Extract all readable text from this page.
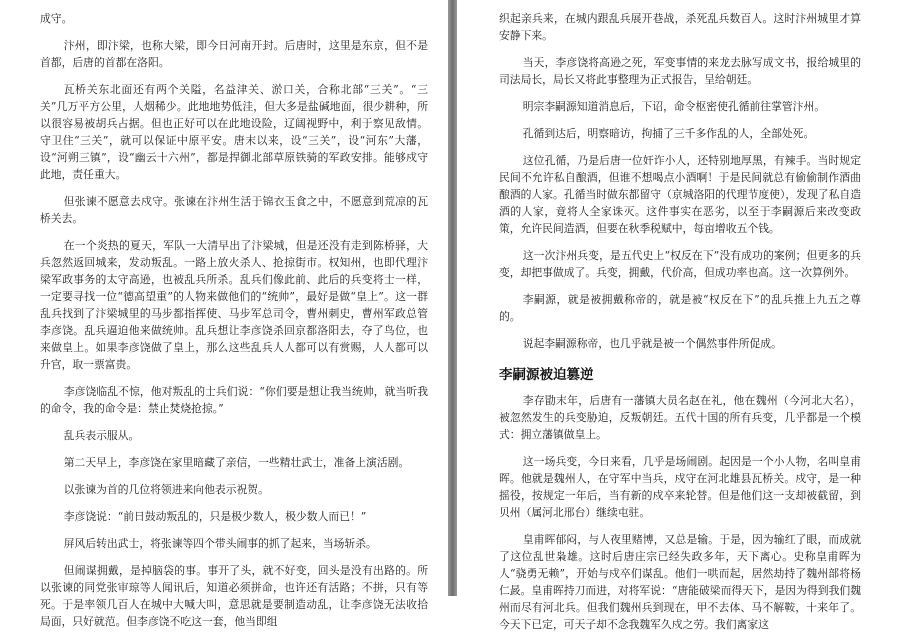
成守。

汴州，即汴梁，也称大梁，即今日河南开封。后唐时，这里是东京，但不是首都，后唐的首都在洛阳。

瓦桥关东北面还有两个关隘，名益津关、淤口关，合称北部“三关”。“三关”几万平方公里，人烟稀少。此地地势低洼，但大多是盐碱地面，很少耕种，所以很容易被胡兵占据。但也正好可以在此地设险，辽阔视野中，利于察见敌情。守卫住“三关”，就可以保证中原平安。唐末以来，设“三关”，设“河东”大藩，设“河朔三镇”，设“幽云十六州”，都是捍御北部草原铁骑的军政安排。能够戍守此地，责任重大。

但张谏不愿意去戍守。张谏在汴州生活于锦衣玉食之中，不愿意到荒凉的瓦桥关去。

在一个炎热的夏天，军队一大清早出了汴梁城，但是还没有走到陈桥驿，大兵忽然返回城来，发动叛乱。一路上放火杀人、抢掠街市。权知州，也即代理汴梁军政事务的太守高逊，也被乱兵所杀。乱兵们像此前、此后的兵变将士一样，一定要寻找一位“德高望重”的人物来做他们的“统帅”，最好是做“皇上”。这一群乱兵找到了汴梁城里的马步都指挥使、马步军总司令，曹州刺史，曹州军政总管李彦饶。乱兵逼迫他来做统帅。乱兵想让李彦饶杀回京都洛阳去，夺了鸟位，也来做皇上。如果李彦饶做了皇上，那么这些乱兵人人都可以有赏赐，人人都可以升官，取一票富贵。

李彦饶临乱不惊，他对叛乱的士兵们说：“你们要是想让我当统帅，就当听我的命令，我的命令是：禁止焚烧抢掠。”

乱兵表示服从。

第二天早上，李彦饶在家里暗藏了亲信，一些精壮武士，准备上演活剧。

以张谏为首的几位将领进来向他表示祝贺。

李彦饶说：“前日鼓动叛乱的，只是极少数人，极少数人而已！”

屏风后转出武士，将张谏等四个带头闹事的抓了起来，当场斩杀。

但闹谋拥戴，是掉脑袋的事。事开了头，就不好变，回头是没有出路的。所以张谏的同党张审琼等人闻讯后，知道必须拼命，也许还有活路；不拼，只有等死。于是率领几百人在城中大喊大叫，意思就是要制造动乱，让李彦饶无法收拾局面，只好就范。但李彦饶不吃这一套，他当即组

织起亲兵来，在城内跟乱兵展开巷战，杀死乱兵数百人。这时汴州城里才算安静下来。

当天，李彦饶将高逊之死，军变事情的来龙去脉写成文书，报给城里的司法局长，局长又将此事整理为正式报告，呈给朝廷。

明宗李嗣源知道消息后，下诏，命令枢密使孔循前往掌管汴州。

孔循到达后，明察暗访，拘捕了三千多作乱的人，全部处死。

这位孔循，乃是后唐一位奸诈小人，还特别地厚黑，有辣手。当时规定民间不允许私自酿酒，但谁不想喝点小酒啊！于是民间就总有偷偷制作酒曲酿酒的人家。孔循当时做东都留守（京城洛阳的代理节度使），发现了私自造酒的人家，竟将人全家诛灭。这件事实在恶劣，以至于李嗣源后来改变政策，允许民间造酒，但要在秋季税赋中，每亩增收五个钱。

这一次汴州兵变，是五代史上“权反在下”没有成功的案例；但更多的兵变，却把事做成了。兵变，拥戴，代价高，但成功率也高。这一次算例外。

李嗣源，就是被拥戴称帝的，就是被“权反在下”的乱兵推上九五之尊的。

说起李嗣源称帝，也几乎就是被一个偶然事件所促成。

李嗣源被迫篡逆

李存勖末年，后唐有一藩镇大员名赵在礼，他在魏州（今河北大名），被忽然发生的兵变胁迫，反叛朝廷。五代十国的所有兵变，几乎都是一个模式：拥立藩镇做皇上。

这一场兵变，今日来看，几乎是场闹剧。起因是一个小人物，名叫皇甫晖。他就是魏州人，在守军中当兵，戍守在河北雄县瓦桥关。戍守，是一种摇役，按规定一年后，当有新的戍卒来轮替。但是他们这一支却被截留，到贝州（属河北邢台）继续屯驻。

皇甫晖郁闷，与人夜里赌博，又总是输。于是，因为输红了眼，而成就了这位乱世枭雄。这时后唐庄宗已经失政多年，天下离心。史称皇甫晖为人“骁勇无赖”，开始与戍卒们谋乱。他们一哄而起，居然劫持了魏州部将杨仁晸。皇甫晖持刀而进，对将军说：“唐能破梁而得天下，是因为得到我们魏州而尽有河北兵。但我们魏州兵到现在，甲不去体、马不解鞍，十来年了。今天下已定，可天子却不念我魏军久戍之劳。我们离家这
